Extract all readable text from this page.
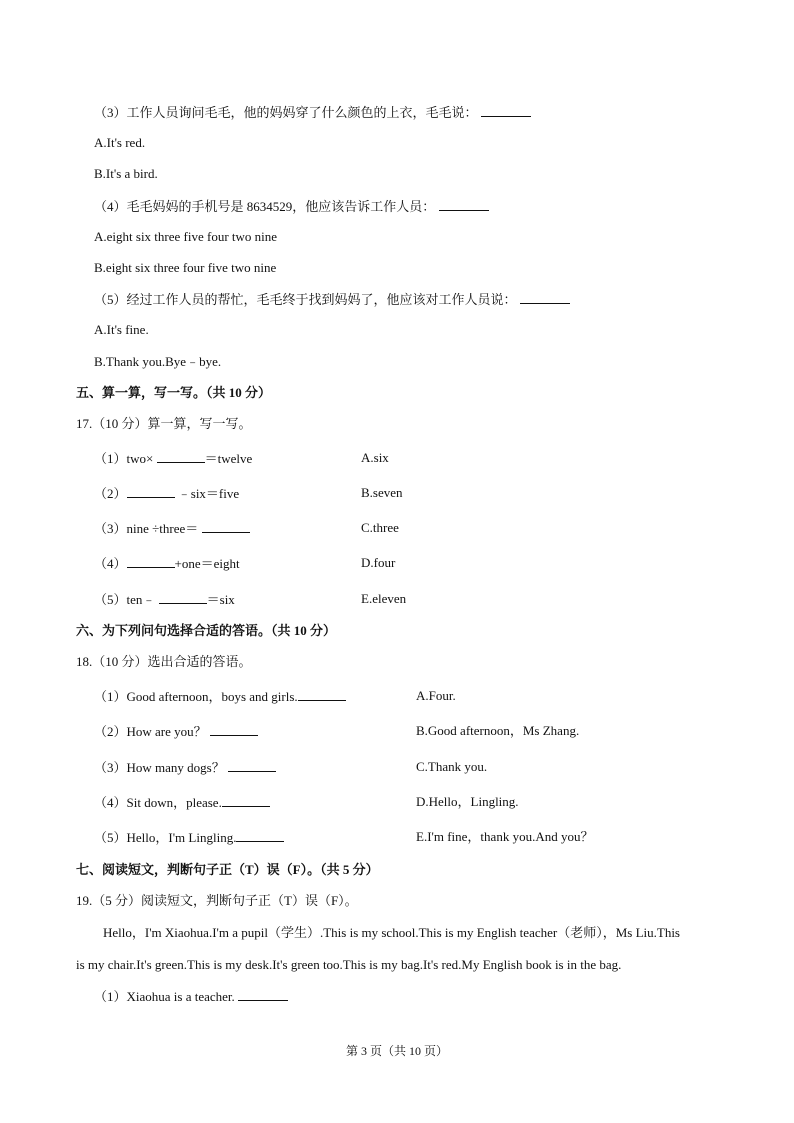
（3）工作人员询问毛毛，他的妈妈穿了什么颜色的上衣，毛毛说：
A.It's red.
B.It's a bird.
（4）毛毛妈妈的手机号是 8634529，他应该告诉工作人员：
A.eight six three five four two nine
B.eight six three four five two nine
（5）经过工作人员的帮忙，毛毛终于找到妈妈了，他应该对工作人员说：
A.It's fine.
B.Thank you.Bye﹣bye.
五、算一算，写一写。（共 10 分）
17.（10 分）算一算，写一写。
（1）two×	＝twelve	A.six
（2）	﹣six＝five	B.seven
（3）nine ÷three＝	C.three
（4）	+one＝eight	D.four
（5）ten﹣	＝six	E.eleven
六、为下列问句选择合适的答语。（共 10 分）
18.（10 分）选出合适的答语。
（1）Good afternoon，boys and girls.	A.Four.
（2）How are you？	B.Good afternoon，Ms Zhang.
（3）How many dogs？	C.Thank you.
（4）Sit down，please.	D.Hello，Lingling.
（5）Hello，I'm Lingling.	E.I'm fine，thank you.And you？
七、阅读短文，判断句子正（T）误（F）。（共 5 分）
19.（5 分）阅读短文，判断句子正（T）误（F）。
Hello，I'm Xiaohua.I'm a pupil（学生）.This is my school.This is my English teacher（老师），Ms Liu.This
is my chair.It's green.This is my desk.It's green too.This is my bag.It's red.My English book is in the bag.
（1）Xiaohua is a teacher.
第 3 页（共 10 页）
